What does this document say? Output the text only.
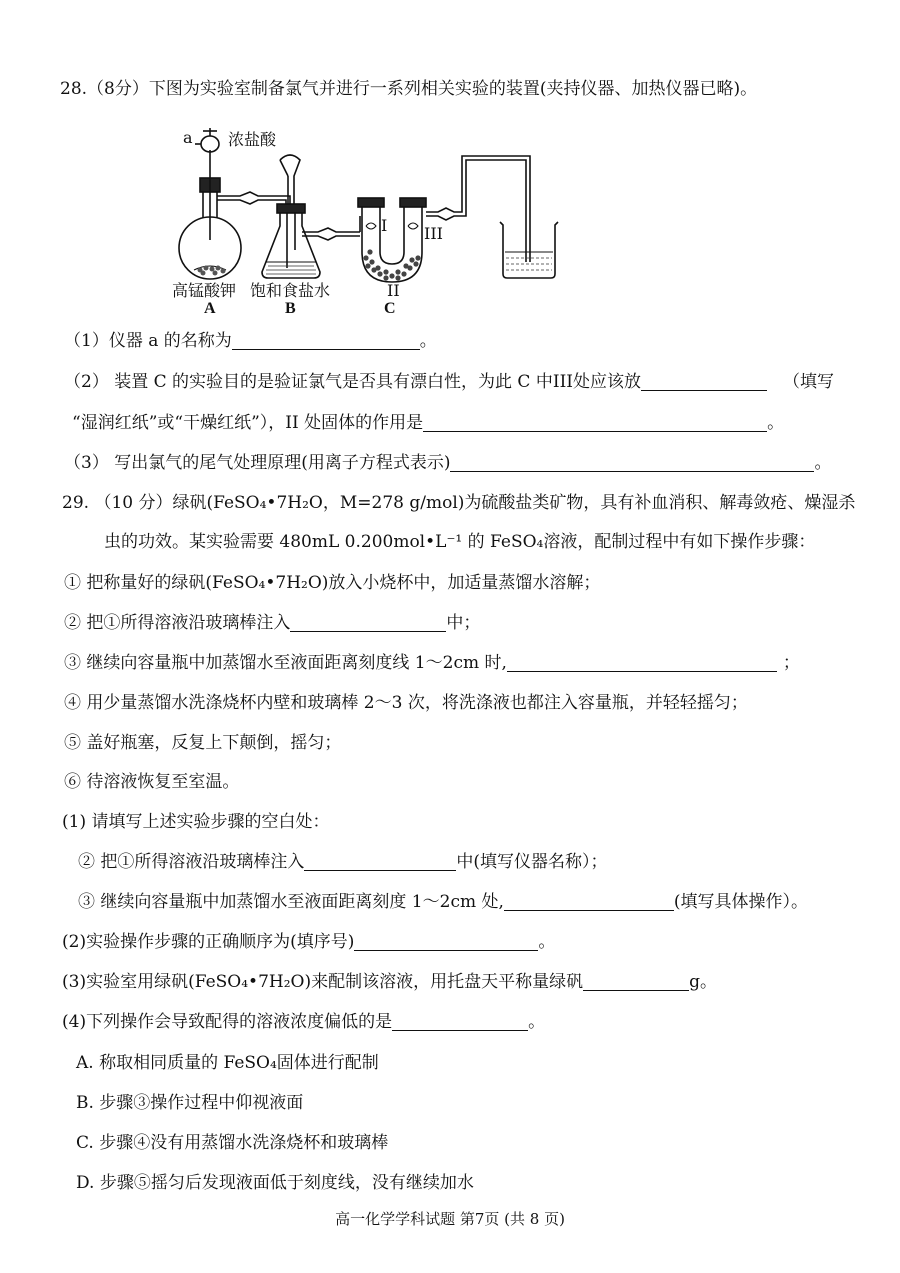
28.（8分）下图为实验室制备氯气并进行一系列相关实验的装置(夹持仪器、加热仪器已略)。
a 浓盐酸
高锰酸钾 饱和食盐水
A	B	C
I
II
III
（1）仪器 a 的名称为	。
（2） 装置 C 的实验目的是验证氯气是否具有漂白性，为此 C 中III处应该放	（填写
“湿润红纸”或“干燥红纸”），II 处固体的作用是	。
（3） 写出氯气的尾气处理原理(用离子方程式表示)	。
29. （10 分）绿矾(FeSO₄•7H₂O，M=278 g/mol)为硫酸盐类矿物，具有补血消积、解毒敛疮、燥湿杀
虫的功效。某实验需要 480mL 0.200mol•L⁻¹ 的 FeSO₄溶液，配制过程中有如下操作步骤：
① 把称量好的绿矾(FeSO₄•7H₂O)放入小烧杯中，加适量蒸馏水溶解；
② 把①所得溶液沿玻璃棒注入	中；
③ 继续向容量瓶中加蒸馏水至液面距离刻度线 1～2cm 时,	；
④ 用少量蒸馏水洗涤烧杯内壁和玻璃棒 2～3 次，将洗涤液也都注入容量瓶，并轻轻摇匀；
⑤ 盖好瓶塞，反复上下颠倒，摇匀；
⑥ 待溶液恢复至室温。
(1) 请填写上述实验步骤的空白处：
② 把①所得溶液沿玻璃棒注入	中(填写仪器名称）；
③ 继续向容量瓶中加蒸馏水至液面距离刻度 1～2cm 处,	(填写具体操作）。
(2)实验操作步骤的正确顺序为(填序号)	。
(3)实验室用绿矾(FeSO₄•7H₂O)来配制该溶液，用托盘天平称量绿矾	g。
(4)下列操作会导致配得的溶液浓度偏低的是	。
A. 称取相同质量的 FeSO₄固体进行配制
B. 步骤③操作过程中仰视液面
C. 步骤④没有用蒸馏水洗涤烧杯和玻璃棒
D. 步骤⑤摇匀后发现液面低于刻度线，没有继续加水
高一化学学科试题 第7页 (共 8 页)
